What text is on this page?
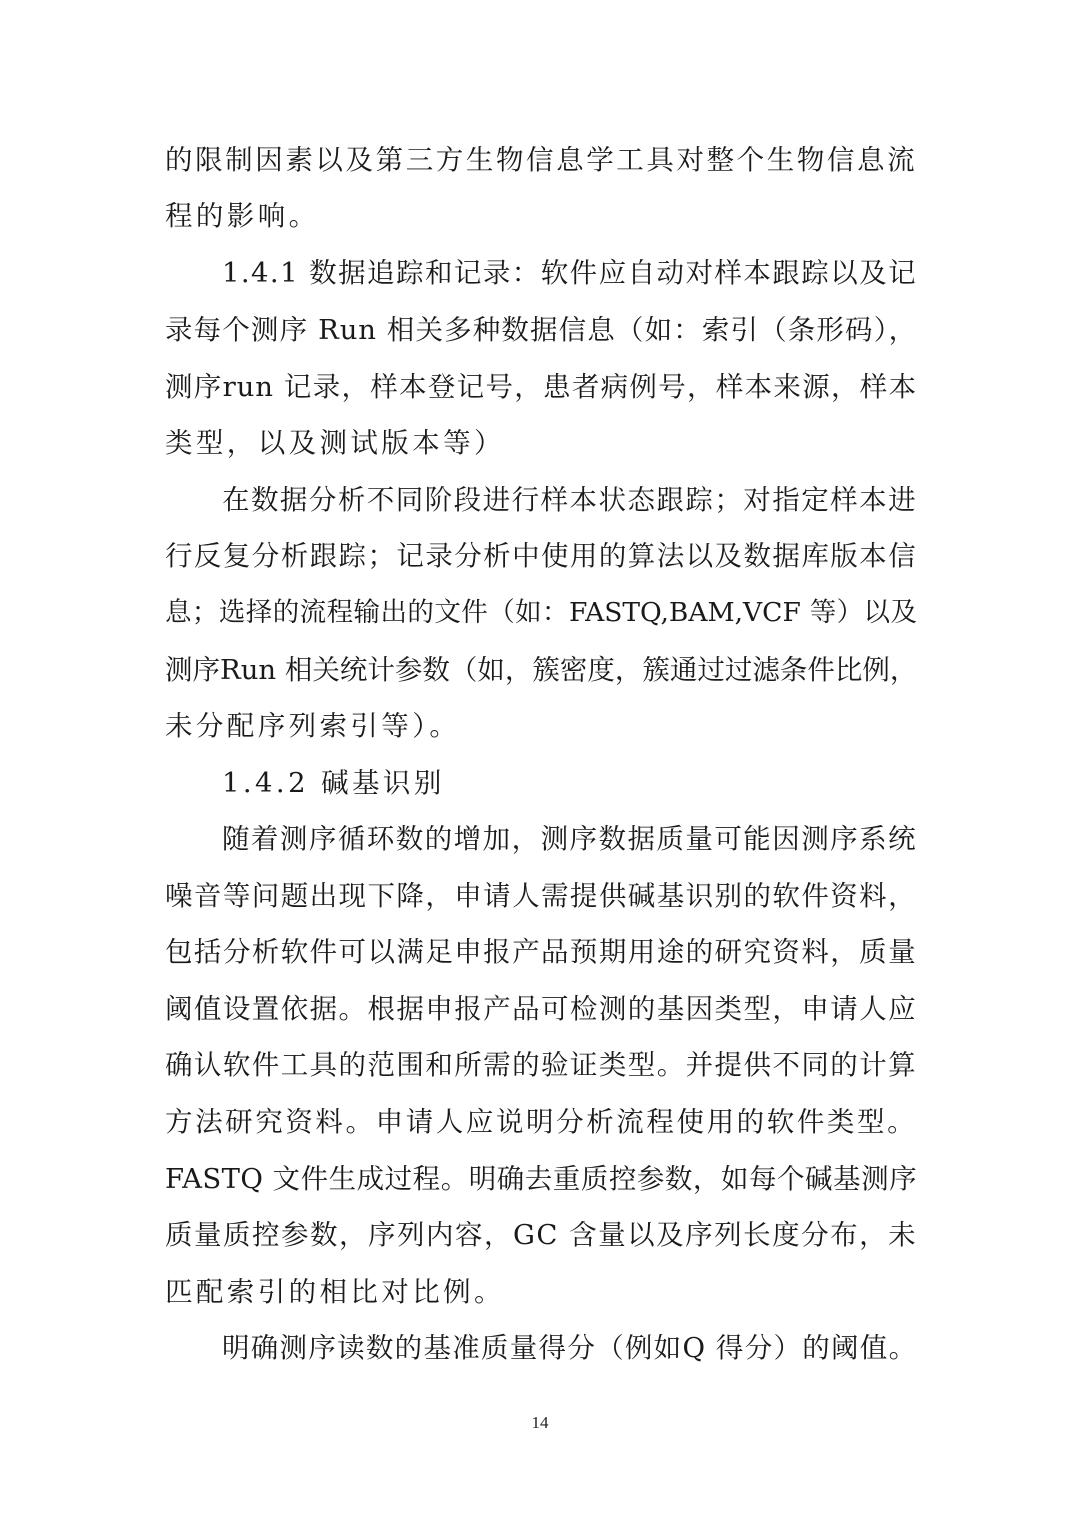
的限制因素以及第三方生物信息学工具对整个生物信息流
程的影响。
1.4.1 数据追踪和记录：软件应自动对样本跟踪以及记
录每个测序 Run 相关多种数据信息（如：索引（条形码），
测序run 记录，样本登记号，患者病例号，样本来源，样本
类型，以及测试版本等）
在数据分析不同阶段进行样本状态跟踪；对指定样本进
行反复分析跟踪；记录分析中使用的算法以及数据库版本信
息；选择的流程输出的文件（如：FASTQ,BAM,VCF 等）以及
测序Run 相关统计参数（如，簇密度，簇通过过滤条件比例，
未分配序列索引等）。
1.4.2 碱基识别
随着测序循环数的增加，测序数据质量可能因测序系统
噪音等问题出现下降，申请人需提供碱基识别的软件资料，
包括分析软件可以满足申报产品预期用途的研究资料，质量
阈值设置依据。根据申报产品可检测的基因类型，申请人应
确认软件工具的范围和所需的验证类型。并提供不同的计算
方法研究资料。申请人应说明分析流程使用的软件类型。
FASTQ 文件生成过程。明确去重质控参数，如每个碱基测序
质量质控参数，序列内容，GC 含量以及序列长度分布，未
匹配索引的相比对比例。
明确测序读数的基准质量得分（例如Q 得分）的阈值。
14
